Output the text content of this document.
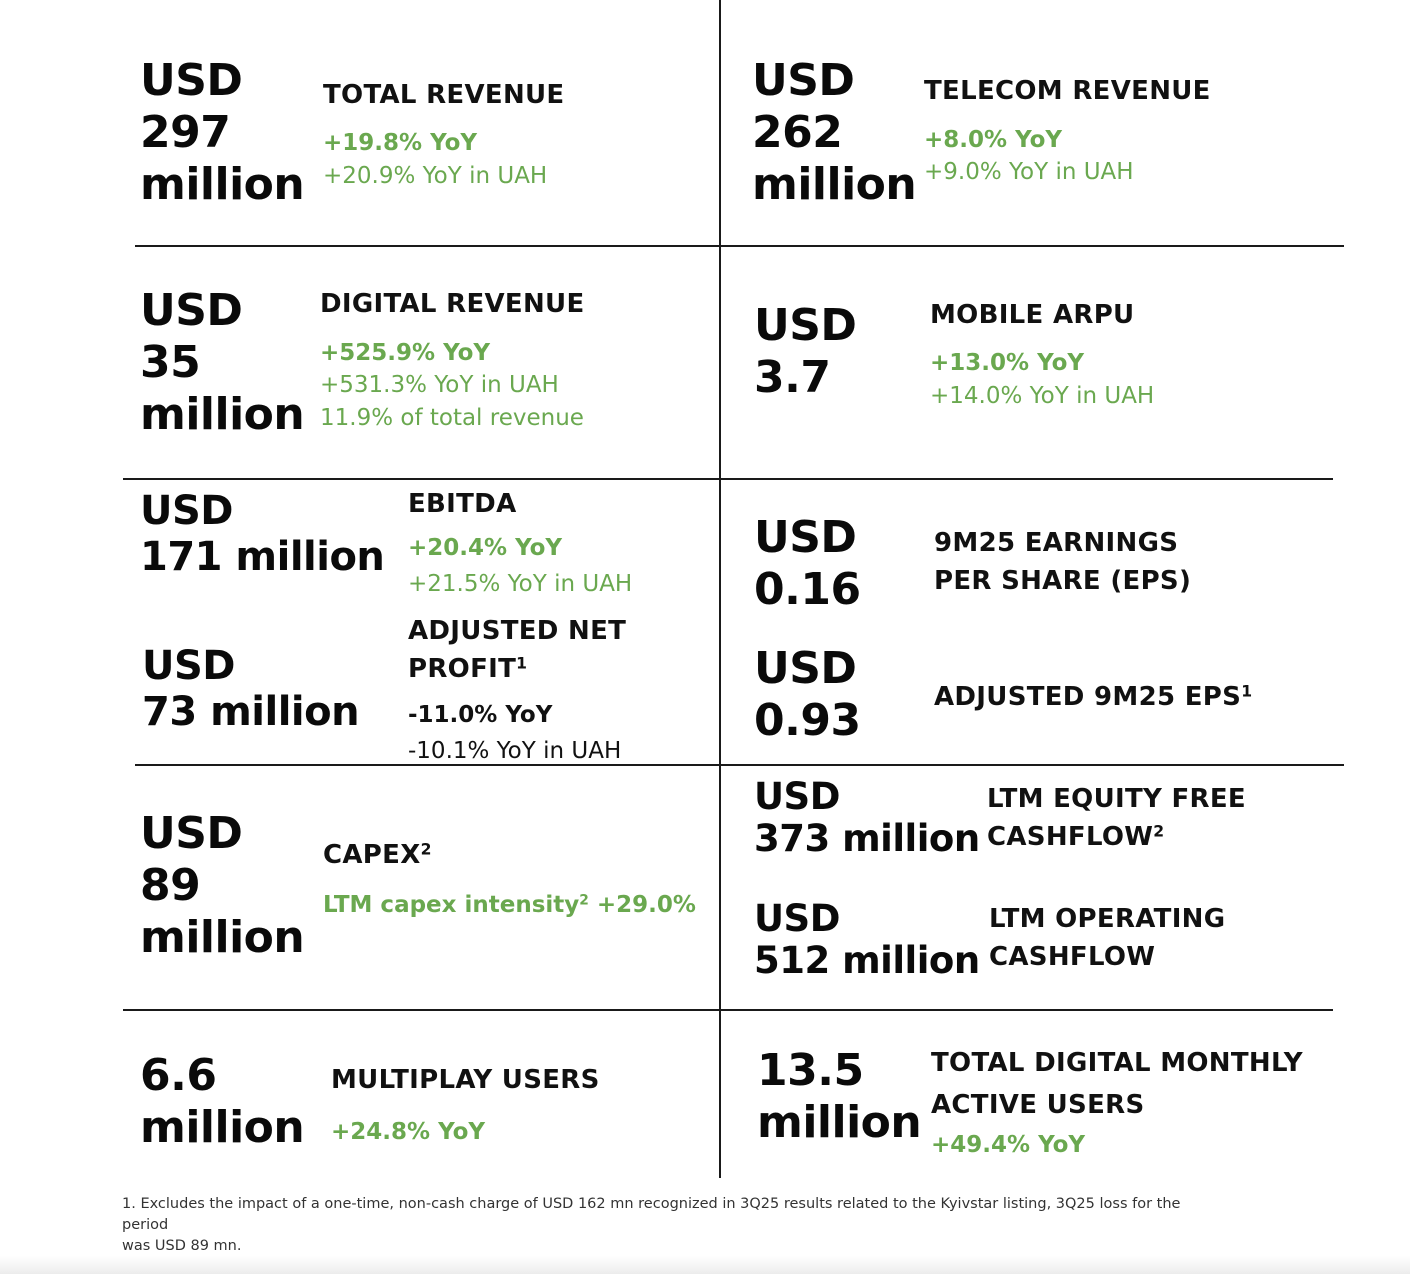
USD
297
million
TOTAL REVENUE
+19.8% YoY
+20.9% YoY in UAH
USD
262
million
TELECOM REVENUE
+8.0% YoY
+9.0% YoY in UAH
USD
35
million
DIGITAL REVENUE
+525.9% YoY
+531.3% YoY in UAH
11.9% of total revenue
USD
3.7
MOBILE ARPU
+13.0% YoY
+14.0% YoY in UAH
USD
171 million
EBITDA
+20.4% YoY
+21.5% YoY in UAH
USD
73 million
ADJUSTED NET
PROFIT$^1$
-11.0% YoY
-10.1% YoY in UAH
USD
0.16
9M25 EARNINGS
PER SHARE (EPS)
USD
0.93	ADJUSTED 9M25 EPS$^1$
USD
89
million
CAPEX$^2$
LTM capex intensity$^2$ +29.0%
USD
373 million
LTM EQUITY FREE
CASHFLOW$^2$
USD
512 million
LTM OPERATING
CASHFLOW
6.6
million
MULTIPLAY USERS
+24.8% YoY
13.5
million
TOTAL DIGITAL MONTHLY
ACTIVE USERS
+49.4% YoY
1. Excludes the impact of a one-time, non-cash charge of USD 162 mn recognized in 3Q25 results related to the Kyivstar listing, 3Q25 loss for the period
was USD 89 mn.
